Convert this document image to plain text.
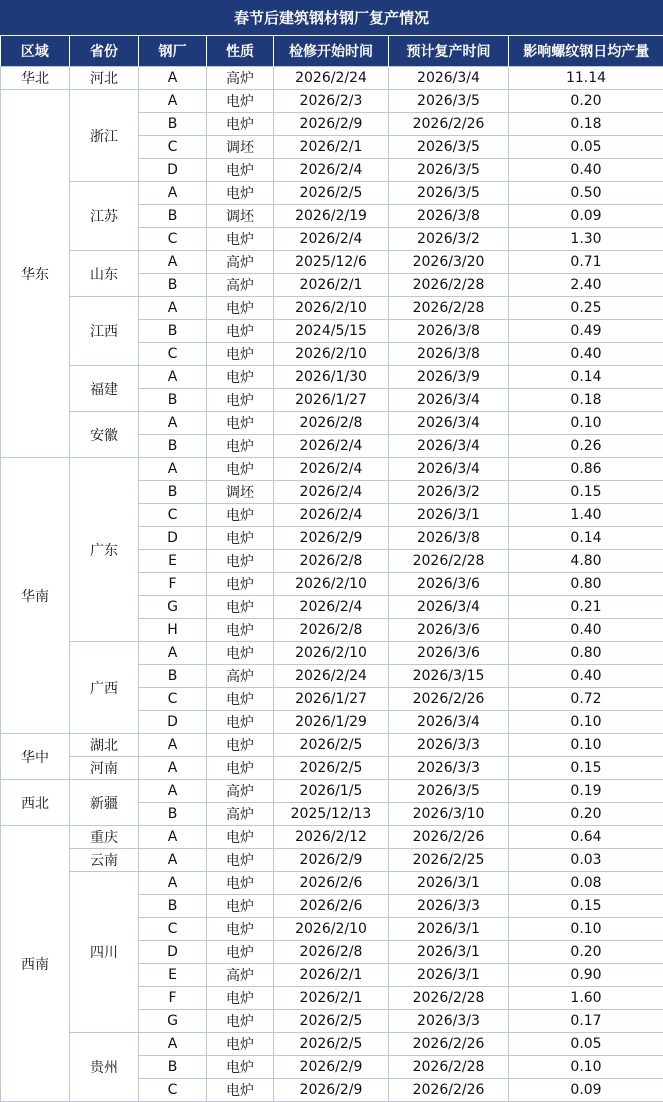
春节后建筑钢材钢厂复产情况
区域	省份	钢厂	性质	检修开始时间	预计复产时间	影响螺纹钢日均产量
华北	河北	A	高炉	2026/2/24	2026/3/4	11.14
华东	浙江	A	电炉	2026/2/3	2026/3/5	0.20
		B	电炉	2026/2/9	2026/2/26	0.18
		C	调坯	2026/2/1	2026/3/5	0.05
		D	电炉	2026/2/4	2026/3/5	0.40
	江苏	A	电炉	2026/2/5	2026/3/5	0.50
		B	调坯	2026/2/19	2026/3/8	0.09
		C	电炉	2026/2/4	2026/3/2	1.30
	山东	A	高炉	2025/12/6	2026/3/20	0.71
		B	高炉	2026/2/1	2026/2/28	2.40
	江西	A	电炉	2026/2/10	2026/2/28	0.25
		B	电炉	2024/5/15	2026/3/8	0.49
		C	电炉	2026/2/10	2026/3/8	0.40
	福建	A	电炉	2026/1/30	2026/3/9	0.14
		B	电炉	2026/1/27	2026/3/4	0.18
	安徽	A	电炉	2026/2/8	2026/3/4	0.10
		B	电炉	2026/2/4	2026/3/4	0.26
华南	广东	A	电炉	2026/2/4	2026/3/4	0.86
		B	调坯	2026/2/4	2026/3/2	0.15
		C	电炉	2026/2/4	2026/3/1	1.40
		D	电炉	2026/2/9	2026/3/8	0.14
		E	电炉	2026/2/8	2026/2/28	4.80
		F	电炉	2026/2/10	2026/3/6	0.80
		G	电炉	2026/2/4	2026/3/4	0.21
		H	电炉	2026/2/8	2026/3/6	0.40
	广西	A	电炉	2026/2/10	2026/3/6	0.80
		B	高炉	2026/2/24	2026/3/15	0.40
		C	电炉	2026/1/27	2026/2/26	0.72
		D	电炉	2026/1/29	2026/3/4	0.10
华中	湖北	A	电炉	2026/2/5	2026/3/3	0.10
	河南	A	电炉	2026/2/5	2026/3/3	0.15
西北	新疆	A	高炉	2026/1/5	2026/3/5	0.19
		B	高炉	2025/12/13	2026/3/10	0.20
西南	重庆	A	电炉	2026/2/12	2026/2/26	0.64
	云南	A	电炉	2026/2/9	2026/2/25	0.03
	四川	A	电炉	2026/2/6	2026/3/1	0.08
		B	电炉	2026/2/6	2026/3/3	0.15
		C	电炉	2026/2/10	2026/3/1	0.10
		D	电炉	2026/2/8	2026/3/1	0.20
		E	高炉	2026/2/1	2026/3/1	0.90
		F	电炉	2026/2/1	2026/2/28	1.60
		G	电炉	2026/2/5	2026/3/3	0.17
	贵州	A	电炉	2026/2/5	2026/2/26	0.05
		B	电炉	2026/2/9	2026/2/28	0.10
		C	电炉	2026/2/9	2026/2/26	0.09
